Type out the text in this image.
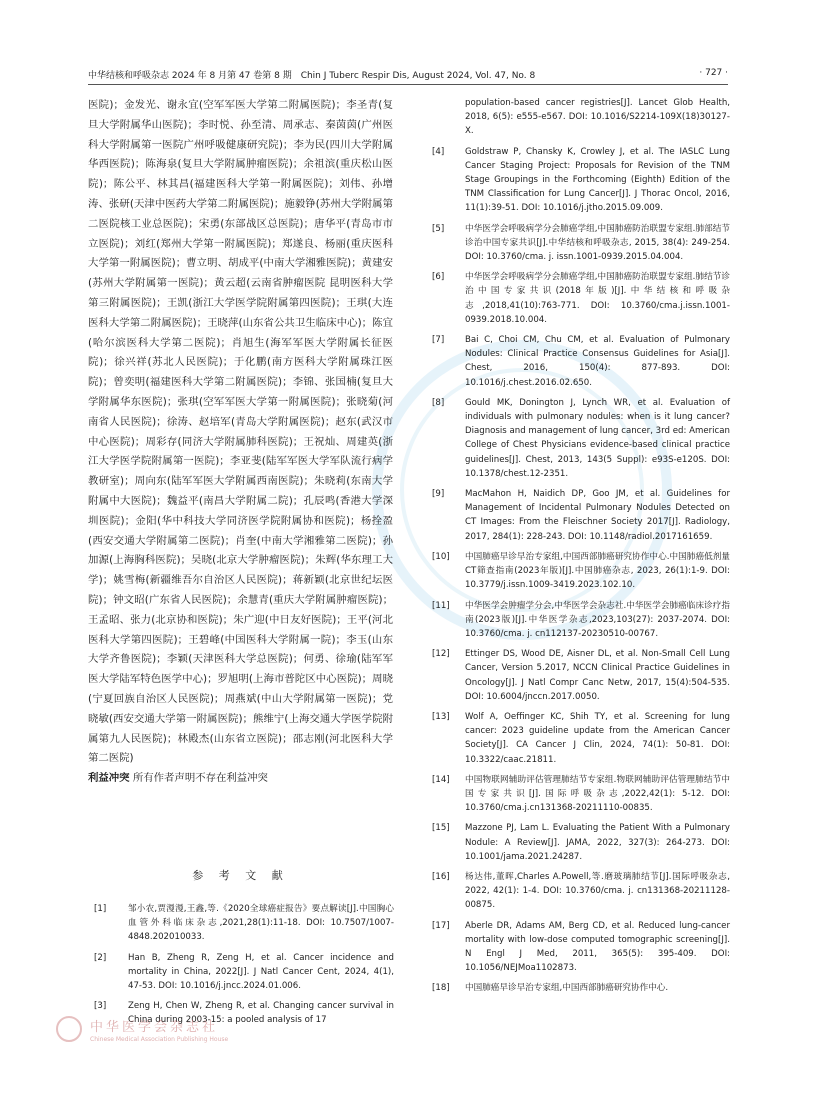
中华结核和呼吸杂志 2024 年 8 月第 47 卷第 8 期　Chin J Tuberc Respir Dis, August 2024, Vol. 47, No. 8	· 727 ·

医院)；金发光、谢永宜(空军军医大学第二附属医院)；李圣青(复旦大学附属华山医院)；李时悦、孙至清、周承志、秦茵茵(广州医科大学附属第一医院广州呼吸健康研究院)；李为民(四川大学附属华西医院)；陈海泉(复旦大学附属肿瘤医院)；余祖滨(重庆松山医院)；陈公平、林其昌(福建医科大学第一附属医院)；刘伟、孙增涛、张研(天津中医药大学第二附属医院)；施毅铮(苏州大学附属第二医院核工业总医院)；宋勇(东部战区总医院)；唐华平(青岛市市立医院)；刘红(郑州大学第一附属医院)；郑遂良、杨丽(重庆医科大学第一附属医院)；曹立明、胡成平(中南大学湘雅医院)；黄建安(苏州大学附属第一医院)；黄云超(云南省肿瘤医院 昆明医科大学第三附属医院)；王凯(浙江大学医学院附属第四医院)；王琪(大连医科大学第二附属医院)；王晓萍(山东省公共卫生临床中心)；陈宜(哈尔滨医科大学第二医院)；肖旭生(海军军医大学附属长征医院)；徐兴祥(苏北人民医院)；于化鹏(南方医科大学附属珠江医院)；曾奕明(福建医科大学第二附属医院)；李锦、张国楠(复旦大学附属华东医院)；张琪(空军军医大学第一附属医院)；张晓菊(河南省人民医院)；徐涛、赵培军(青岛大学附属医院)；赵东(武汉市中心医院)；周彩存(同济大学附属肺科医院)；王祝灿、周建英(浙江大学医学院附属第一医院)；李亚斐(陆军军医大学军队流行病学教研室)；周向东(陆军军医大学附属西南医院)；朱晓莉(东南大学附属中大医院)；魏益平(南昌大学附属二院)；孔辰鸣(香港大学深圳医院)；金阳(华中科技大学同济医学院附属协和医院)；杨拴盈(西安交通大学附属第二医院)；肖奎(中南大学湘雅第二医院)；孙加源(上海胸科医院)；吴晓(北京大学肿瘤医院)；朱辉(华东理工大学)；姚雪梅(新疆维吾尔自治区人民医院)；蒋新颖(北京世纪坛医院)；钟文昭(广东省人民医院)；余慧青(重庆大学附属肿瘤医院)；王孟昭、张力(北京协和医院)；朱广迎(中日友好医院)；王平(河北医科大学第四医院)；王碧峰(中国医科大学附属一院)；李玉(山东大学齐鲁医院)；李颖(天津医科大学总医院)；何勇、徐瑜(陆军军医大学陆军特色医学中心)；罗旭明(上海市普陀区中心医院)；周晓(宁夏回族自治区人民医院)；周燕斌(中山大学附属第一医院)；党晓敏(西安交通大学第一附属医院)；熊维宁(上海交通大学医学院附属第九人民医院)；林殿杰(山东省立医院)；邵志刚(河北医科大学第二医院)

利益冲突 所有作者声明不存在利益冲突

参 考 文 献
[1]	邹小农,贾漫漫,王鑫,等.《2020全球癌症报告》要点解读[J].中国胸心血管外科临床杂志,2021,28(1):11-18. DOI: 10.7507/1007-4848.202010033.
[2]	Han B, Zheng R, Zeng H, et al. Cancer incidence and mortality in China, 2022[J]. J Natl Cancer Cent, 2024, 4(1), 47-53. DOI: 10.1016/j.jncc.2024.01.006.
[3]	Zeng H, Chen W, Zheng R, et al. Changing cancer survival in China during 2003-15: a pooled analysis of 17
population-based cancer registries[J]. Lancet Glob Health, 2018, 6(5): e555-e567. DOI: 10.1016/S2214-109X(18)30127-X.
[4] Goldstraw P, Chansky K, Crowley J, et al. The IASLC Lung Cancer Staging Project: Proposals for Revision of the TNM Stage Groupings in the Forthcoming (Eighth) Edition of the TNM Classification for Lung Cancer[J]. J Thorac Oncol, 2016, 11(1):39-51. DOI: 10.1016/j.jtho.2015.09.009.
[5] 中华医学会呼吸病学分会肺癌学组,中国肺癌防治联盟专家组.肺部结节诊治中国专家共识[J].中华结核和呼吸杂志, 2015, 38(4): 249-254. DOI: 10.3760/cma. j. issn.1001-0939.2015.04.004.
[6] 中华医学会呼吸病学分会肺癌学组,中国肺癌防治联盟专家组.肺结节诊治中国专家共识(2018年版)[J].中华结核和呼吸杂志,2018,41(10):763-771. DOI: 10.3760/cma.j.issn.1001-0939.2018.10.004.
[7] Bai C, Choi CM, Chu CM, et al. Evaluation of Pulmonary Nodules: Clinical Practice Consensus Guidelines for Asia[J]. Chest, 2016, 150(4): 877-893. DOI: 10.1016/j.chest.2016.02.650.
[8] Gould MK, Donington J, Lynch WR, et al. Evaluation of individuals with pulmonary nodules: when is it lung cancer? Diagnosis and management of lung cancer, 3rd ed: American College of Chest Physicians evidence-based clinical practice guidelines[J]. Chest, 2013, 143(5 Suppl): e93S-e120S. DOI: 10.1378/chest.12-2351.
[9] MacMahon H, Naidich DP, Goo JM, et al. Guidelines for Management of Incidental Pulmonary Nodules Detected on CT Images: From the Fleischner Society 2017[J]. Radiology, 2017, 284(1): 228-243. DOI: 10.1148/radiol.2017161659.
[10] 中国肺癌早诊早治专家组,中国西部肺癌研究协作中心.中国肺癌低剂量CT筛查指南(2023年版)[J].中国肺癌杂志, 2023, 26(1):1-9. DOI: 10.3779/j.issn.1009-3419.2023.102.10.
[11] 中华医学会肿瘤学分会,中华医学会杂志社.中华医学会肺癌临床诊疗指南(2023版)[J].中华医学杂志,2023,103(27): 2037-2074. DOI: 10.3760/cma. j. cn112137-20230510-00767.
[12] Ettinger DS, Wood DE, Aisner DL, et al. Non-Small Cell Lung Cancer, Version 5.2017, NCCN Clinical Practice Guidelines in Oncology[J]. J Natl Compr Canc Netw, 2017, 15(4):504-535. DOI: 10.6004/jnccn.2017.0050.
[13] Wolf A, Oeffinger KC, Shih TY, et al. Screening for lung cancer: 2023 guideline update from the American Cancer Society[J]. CA Cancer J Clin, 2024, 74(1): 50-81. DOI: 10.3322/caac.21811.
[14] 中国物联网辅助评估管理肺结节专家组.物联网辅助评估管理肺结节中国专家共识[J].国际呼吸杂志,2022,42(1): 5-12. DOI: 10.3760/cma.j.cn131368-20211110-00835.
[15] Mazzone PJ, Lam L. Evaluating the Patient With a Pulmonary Nodule: A Review[J]. JAMA, 2022, 327(3): 264-273. DOI: 10.1001/jama.2021.24287.
[16] 杨达伟,董晖,Charles A.Powell,等.磨玻璃肺结节[J].国际呼吸杂志, 2022, 42(1): 1-4. DOI: 10.3760/cma. j. cn131368-20211128-00875.
[17] Aberle DR, Adams AM, Berg CD, et al. Reduced lung-cancer mortality with low-dose computed tomographic screening[J]. N Engl J Med, 2011, 365(5): 395-409. DOI: 10.1056/NEJMoa1102873.
[18] 中国肺癌早诊早治专家组,中国西部肺癌研究协作中心.
中华医学会杂志社
Chinese Medical Association Publishing House
